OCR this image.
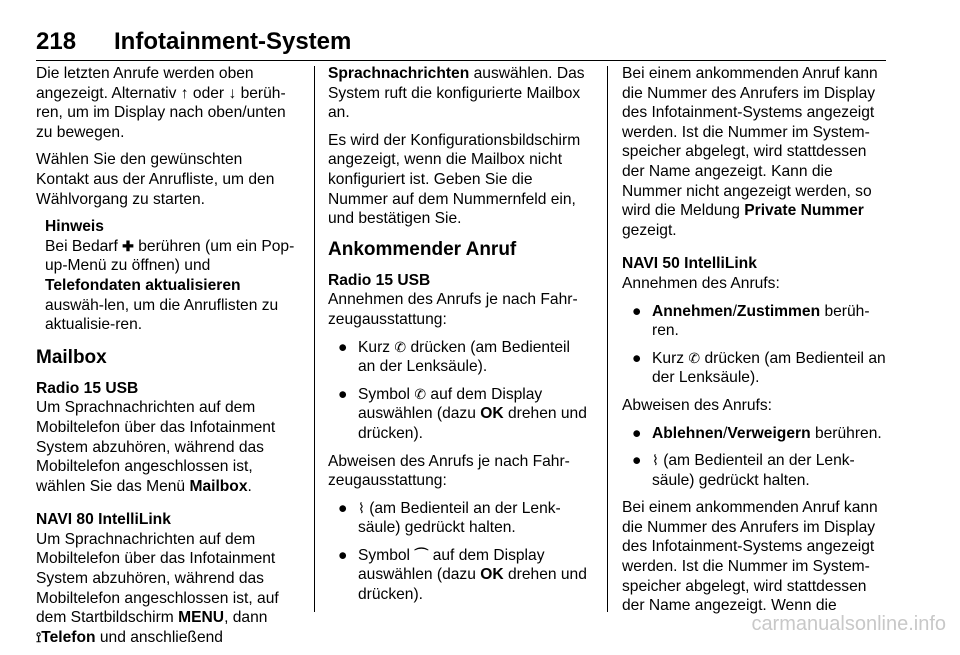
218 Infotainment-System

Die letzten Anrufe werden oben angezeigt. Alternativ ↑ oder ↓ berüh-ren, um im Display nach oben/unten zu bewegen.

Wählen Sie den gewünschten Kontakt aus der Anrufliste, um den Wählvorgang zu starten.

Hinweis

Bei Bedarf ✚ berühren (um ein Pop-up-Menü zu öffnen) und Telefondaten aktualisieren auswäh-len, um die Anruflisten zu aktualisie-ren.

Mailbox
Radio 15 USB

Um Sprachnachrichten auf dem Mobiltelefon über das Infotainment System abzuhören, während das Mobiltelefon angeschlossen ist, wählen Sie das Menü Mailbox.

NAVI 80 IntelliLink

Um Sprachnachrichten auf dem Mobiltelefon über das Infotainment System abzuhören, während das Mobiltelefon angeschlossen ist, auf dem Startbildschirm MENU, dann ⟟Telefon und anschließend

Sprachnachrichten auswählen. Das System ruft die konfigurierte Mailbox an.

Es wird der Konfigurationsbildschirm angezeigt, wenn die Mailbox nicht konfiguriert ist. Geben Sie die Nummer auf dem Nummernfeld ein, und bestätigen Sie.

Ankommender Anruf
Radio 15 USB

Annehmen des Anrufs je nach Fahr-zeugausstattung:

● Kurz ✆ drücken (am Bedienteil an der Lenksäule).
● Symbol ✆ auf dem Display auswählen (dazu OK drehen und drücken).

Abweisen des Anrufs je nach Fahr-zeugausstattung:

● ⌇ (am Bedienteil an der Lenk-säule) gedrückt halten.
● Symbol ⌒ auf dem Display auswählen (dazu OK drehen und drücken).

Bei einem ankommenden Anruf kann die Nummer des Anrufers im Display des Infotainment-Systems angezeigt werden. Ist die Nummer im System-speicher abgelegt, wird stattdessen der Name angezeigt. Kann die Nummer nicht angezeigt werden, so wird die Meldung Private Nummer gezeigt.

NAVI 50 IntelliLink

Annehmen des Anrufs:

● Annehmen/Zustimmen berüh-ren.
● Kurz ✆ drücken (am Bedienteil an der Lenksäule).

Abweisen des Anrufs:

● Ablehnen/Verweigern berühren.
● ⌇ (am Bedienteil an der Lenk-säule) gedrückt halten.

Bei einem ankommenden Anruf kann die Nummer des Anrufers im Display des Infotainment-Systems angezeigt werden. Ist die Nummer im System-speicher abgelegt, wird stattdessen der Name angezeigt. Wenn die

carmanualsonline.info
